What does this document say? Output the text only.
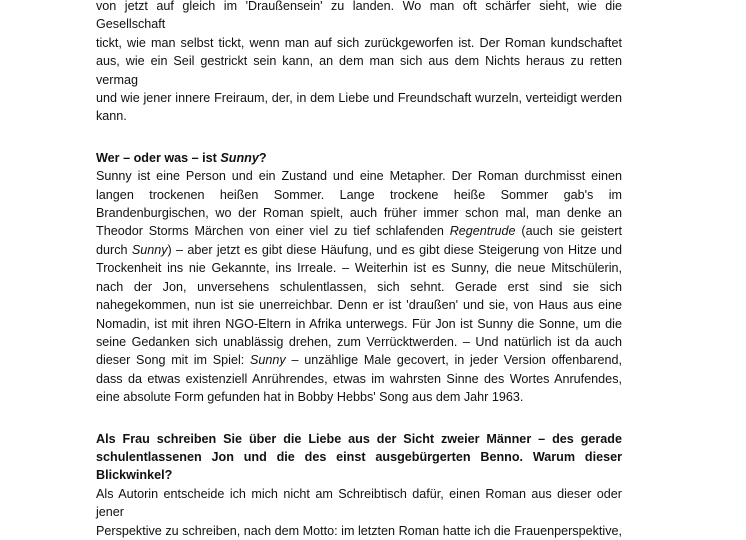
von jetzt auf gleich im 'Draußensein' zu landen. Wo man oft schärfer sieht, wie die Gesellschaft
tickt, wie man selbst tickt, wenn man auf sich zurückgeworfen ist. Der Roman kundschaftet
aus, wie ein Seil gestrickt sein kann, an dem man sich aus dem Nichts heraus zu retten vermag
und wie jener innere Freiraum, der, in dem Liebe und Freundschaft wurzeln, verteidigt werden
kann.

Wer – oder was – ist Sunny?

Sunny ist eine Person und ein Zustand und eine Metapher. Der Roman durchmisst einen langen trockenen heißen Sommer. Lange trockene heiße Sommer gab's im Brandenburgischen, wo der Roman spielt, auch früher immer schon mal, man denke an Theodor Storms Märchen von einer viel zu tief schlafenden Regentrude (auch sie geistert durch Sunny) – aber jetzt es gibt diese Häufung, und es gibt diese Steigerung von Hitze und Trockenheit ins nie Gekannte, ins Irreale. – Weiterhin ist es Sunny, die neue Mitschülerin, nach der Jon, unversehens schulentlassen, sich sehnt. Gerade erst sind sie sich nahegekommen, nun ist sie unerreichbar. Denn er ist 'draußen' und sie, von Haus aus eine Nomadin, ist mit ihren NGO-Eltern in Afrika unterwegs. Für Jon ist Sunny die Sonne, um die seine Gedanken sich unablässig drehen, zum Verrücktwerden. – Und natürlich ist da auch dieser Song mit im Spiel: Sunny – unzählige Male gecovert, in jeder Version offenbarend, dass da etwas existenziell Anrührendes, etwas im wahrsten Sinne des Wortes Anrufendes, eine absolute Form gefunden hat in Bobby Hebbs' Song aus dem Jahr 1963.

Als Frau schreiben Sie über die Liebe aus der Sicht zweier Männer – des gerade schulentlassenen Jon und die des einst ausgebürgerten Benno. Warum dieser Blickwinkel?

Als Autorin entscheide ich mich nicht am Schreibtisch dafür, einen Roman aus dieser oder jener
Perspektive zu schreiben, nach dem Motto: im letzten Roman hatte ich die Frauenperspektive,
